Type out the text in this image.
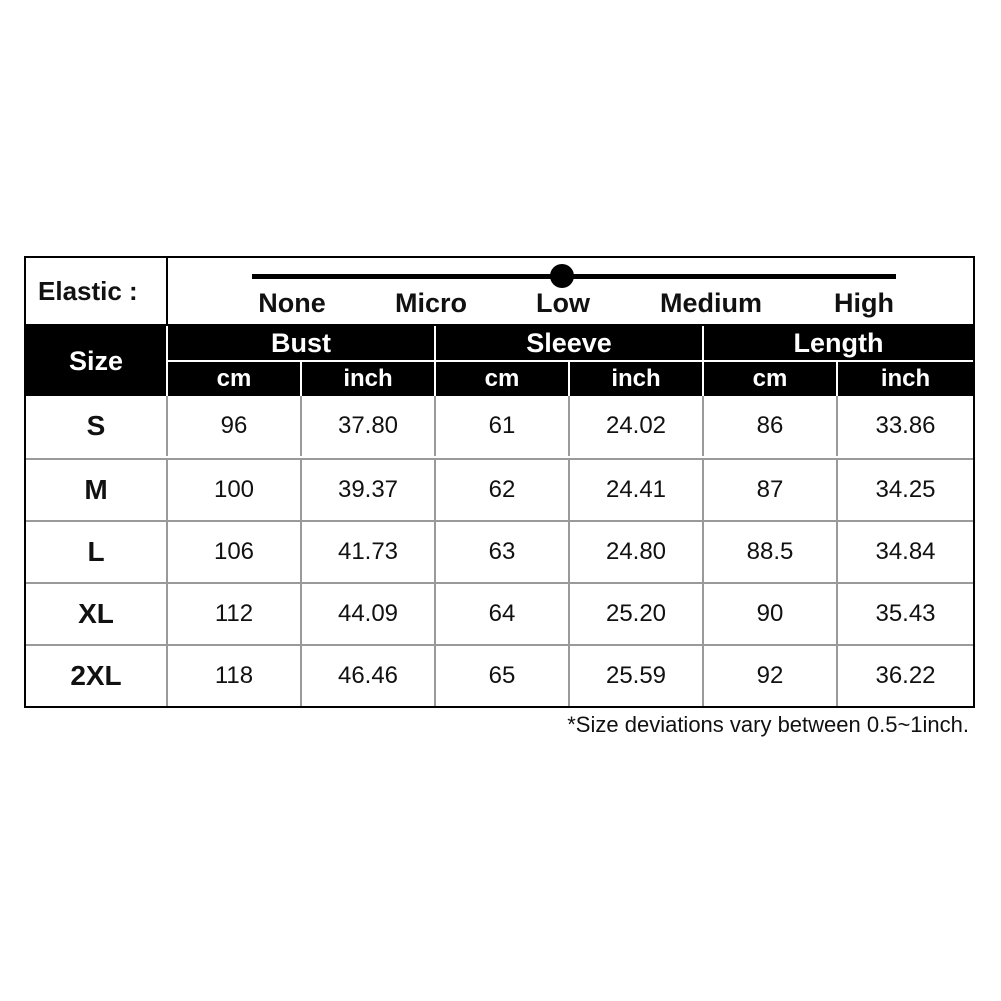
Elastic :	None	Micro	Low	Medium	High
Size
Bust	Sleeve	Length
cm	inch	cm	inch	cm	inch
S	96	37.80	61	24.02	86	33.86
M	100	39.37	62	24.41	87	34.25
L	106	41.73	63	24.80	88.5	34.84
XL	112	44.09	64	25.20	90	35.43
2XL	118	46.46	65	25.59	92	36.22
*Size deviations vary between 0.5~1inch.
